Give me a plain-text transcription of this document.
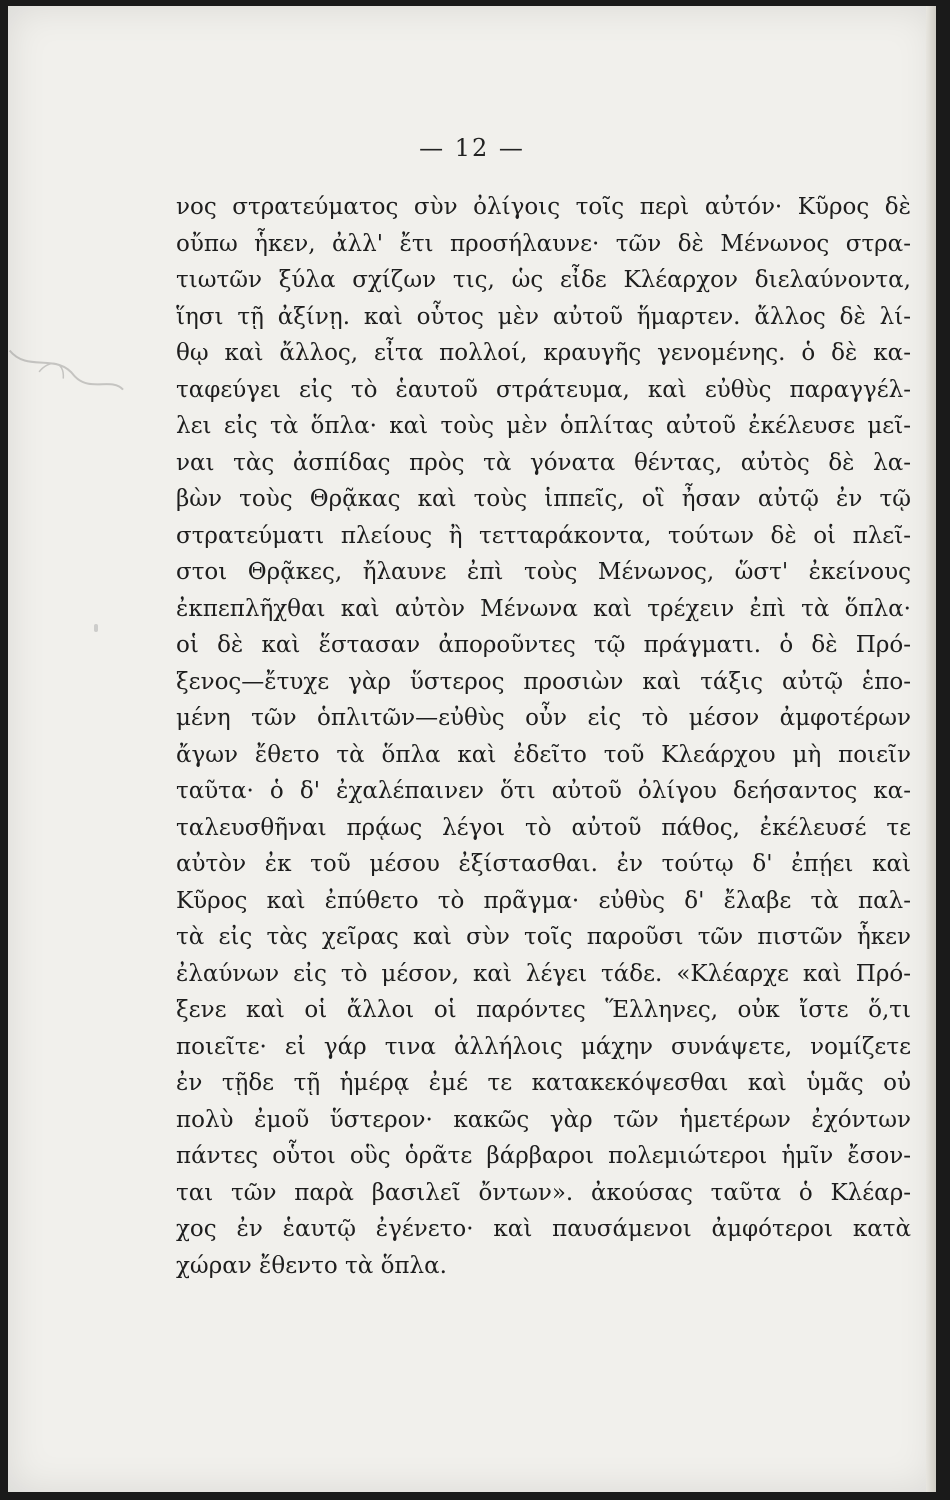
— 12 —
νος στρατεύματος σὺν ὀλίγοις τοῖς περὶ αὐτόν· Κῦρος δὲ
οὔπω ἧκεν, ἀλλ' ἔτι προσήλαυνε· τῶν δὲ Μένωνος στρα-
τιωτῶν ξύλα σχίζων τις, ὡς εἶδε Κλέαρχον διελαύνοντα,
ἵησι τῇ ἀξίνῃ. καὶ οὗτος μὲν αὐτοῦ ἥμαρτεν. ἄλλος δὲ λί-
θῳ καὶ ἄλλος, εἶτα πολλοί, κραυγῆς γενομένης. ὁ δὲ κα-
ταφεύγει εἰς τὸ ἑαυτοῦ στράτευμα, καὶ εὐθὺς παραγγέλ-
λει εἰς τὰ ὅπλα· καὶ τοὺς μὲν ὁπλίτας αὐτοῦ ἐκέλευσε μεῖ-
ναι τὰς ἀσπίδας πρὸς τὰ γόνατα θέντας, αὐτὸς δὲ λα-
βὼν τοὺς Θρᾷκας καὶ τοὺς ἱππεῖς, οἳ ἦσαν αὐτῷ ἐν τῷ
στρατεύματι πλείους ἢ τετταράκοντα, τούτων δὲ οἱ πλεῖ-
στοι Θρᾷκες, ἤλαυνε ἐπὶ τοὺς Μένωνος, ὥστ' ἐκείνους
ἐκπεπλῆχθαι καὶ αὐτὸν Μένωνα καὶ τρέχειν ἐπὶ τὰ ὅπλα·
οἱ δὲ καὶ ἕστασαν ἀποροῦντες τῷ πράγματι. ὁ δὲ Πρό-
ξενος—ἔτυχε γὰρ ὕστερος προσιὼν καὶ τάξις αὐτῷ ἑπο-
μένη τῶν ὁπλιτῶν—εὐθὺς οὖν εἰς τὸ μέσον ἀμφοτέρων
ἄγων ἔθετο τὰ ὅπλα καὶ ἐδεῖτο τοῦ Κλεάρχου μὴ ποιεῖν
ταῦτα· ὁ δ' ἐχαλέπαινεν ὅτι αὐτοῦ ὀλίγου δεήσαντος κα-
ταλευσθῆναι πρᾴως λέγοι τὸ αὐτοῦ πάθος, ἐκέλευσέ τε
αὐτὸν ἐκ τοῦ μέσου ἐξίστασθαι. ἐν τούτῳ δ' ἐπῄει καὶ
Κῦρος καὶ ἐπύθετο τὸ πρᾶγμα· εὐθὺς δ' ἔλαβε τὰ παλ-
τὰ εἰς τὰς χεῖρας καὶ σὺν τοῖς παροῦσι τῶν πιστῶν ἧκεν
ἐλαύνων εἰς τὸ μέσον, καὶ λέγει τάδε. «Κλέαρχε καὶ Πρό-
ξενε καὶ οἱ ἄλλοι οἱ παρόντες Ἕλληνες, οὐκ ἴστε ὅ,τι
ποιεῖτε· εἰ γάρ τινα ἀλλήλοις μάχην συνάψετε, νομίζετε
ἐν τῇδε τῇ ἡμέρᾳ ἐμέ τε κατακεκόψεσθαι καὶ ὑμᾶς οὐ
πολὺ ἐμοῦ ὕστερον· κακῶς γὰρ τῶν ἡμετέρων ἐχόντων
πάντες οὗτοι οὓς ὁρᾶτε βάρβαροι πολεμιώτεροι ἡμῖν ἔσον-
ται τῶν παρὰ βασιλεῖ ὄντων». ἀκούσας ταῦτα ὁ Κλέαρ-
χος ἐν ἑαυτῷ ἐγένετο· καὶ παυσάμενοι ἀμφότεροι κατὰ
χώραν ἔθεντο τὰ ὅπλα.
